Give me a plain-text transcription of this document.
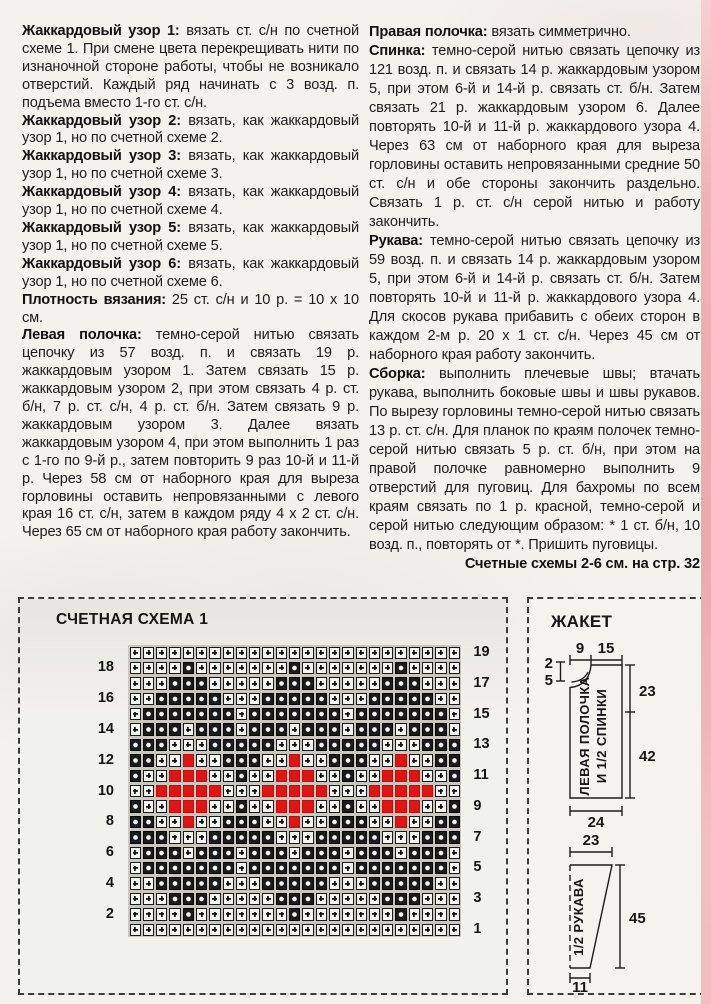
Жаккардовый узор 1: вязать ст. с/н по счетной схеме 1. При смене цвета перекрещивать нити по изнаночной стороне работы, чтобы не возникало отверстий. Каждый ряд начинать с 3 возд. п. подъема вместо 1-го ст. с/н.

Жаккардовый узор 2: вязать, как жаккардовый узор 1, но по счетной схеме 2.

Жаккардовый узор 3: вязать, как жаккардовый узор 1, но по счетной схеме 3.

Жаккардовый узор 4: вязать, как жаккардовый узор 1, но по счетной схеме 4.

Жаккардовый узор 5: вязать, как жаккардовый узор 1, но по счетной схеме 5.

Жаккардовый узор 6: вязать, как жаккардовый узор 1, но по счетной схеме 6.

Плотность вязания: 25 ст. с/н и 10 р. = 10 x 10 см.

Левая полочка: темно-серой нитью связать цепочку из 57 возд. п. и связать 19 р. жаккардовым узором 1. Затем связать 15 р. жаккардовым узором 2, при этом связать 4 р. ст. б/н, 7 р. ст. с/н, 4 р. ст. б/н. Затем связать 9 р. жаккардовым узором 3. Далее вязать жаккардовым узором 4, при этом выполнить 1 раз с 1-го по 9-й р., затем повторить 9 раз 10-й и 11-й р. Через 58 см от наборного края для выреза горловины оставить непровязанными с левого края 16 ст. с/н, затем в каждом ряду 4 x 2 ст. с/н. Через 65 см от наборного края работу закончить.

Правая полочка: вязать симметрично.

Спинка: темно-серой нитью связать цепочку из 121 возд. п. и связать 14 р. жаккардовым узором 5, при этом 6-й и 14-й р. связать ст. б/н. Затем связать 21 р. жаккардовым узором 6. Далее повторять 10-й и 11-й р. жаккардового узора 4. Через 63 см от наборного края для выреза горловины оставить непровязанными средние 50 ст. с/н и обе стороны закончить раздельно. Связать 1 р. ст. с/н серой нитью и работу закончить.

Рукава: темно-серой нитью связать цепочку из 59 возд. п. и связать 14 р. жаккардовым узором 5, при этом 6-й и 14-й р. связать ст. б/н. Затем повторять 10-й и 11-й р. жаккардового узора 4. Для скосов рукава прибавить с обеих сторон в каждом 2-м р. 20 x 1 ст. с/н. Через 45 см от наборного края работу закончить.

Сборка: выполнить плечевые швы; втачать рукава, выполнить боковые швы и швы рукавов. По вырезу горловины темно-серой нитью связать 13 р. ст. с/н. Для планок по краям полочек темно-серой нитью связать 5 р. ст. б/н, при этом на правой полочке равномерно выполнить 9 отверстий для пуговиц. Для бахромы по всем краям связать по 1 р. красной, темно-серой и серой нитью следующим образом: * 1 ст. б/н, 10 возд. п., повторять от *. Пришить пуговицы.

Счетные схемы 2-6 см. на стр. 32

СЧЕТНАЯ СХЕМА 1
19
18
17
16
15
14
13
12
11
10
9
8
7
6
5
4
3
2
1
ЖАКЕТ
9 15
2
5
23
42
24
ЛЕВАЯ ПОЛОЧКА И 1/2 СПИНКИ
23
45
11
1/2 РУКАВА
